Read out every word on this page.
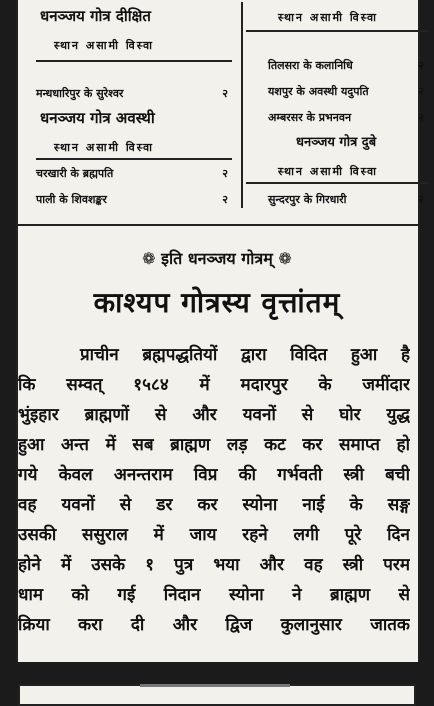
धनञ्जय गोत्र दीक्षित
स्थान असामी विस्वा
मन्धधारिपुर के सुरेश्वर	२
धनञ्जय गोत्र अवस्थी
स्थान असामी विस्वा
चरखारी के ब्रह्मपति	२
पाली के शिवशङ्कर	२
स्थान असामी विस्वा
तिलसरा के कलानिधि	२
यशपुर के अवस्थी यदुपति	२
अम्बरसर के प्रभनवन	२
धनञ्जय गोत्र दुबे
स्थान असामी विस्वा
सुन्दरपुर के गिरधारी	२
❁ इति धनञ्जय गोत्रम् ❁
काश्यप गोत्रस्य वृत्तांतम्
प्राचीन ब्रह्मपद्धतियों द्वारा विदित हुआ है
कि सम्वत् १५८४ में मदारपुर के जमींदार
भुंइहार ब्राह्मणों से और यवनों से घोर युद्ध
हुआ अन्त में सब ब्राह्मण लड़ कट कर समाप्त हो
गये केवल अनन्तराम विप्र की गर्भवती स्त्री बची
वह यवनों से डर कर स्योना नाई के सङ्ग
उसकी ससुराल में जाय रहने लगी पूरे दिन
होने में उसके १ पुत्र भया और वह स्त्री परम
धाम को गई निदान स्योना ने ब्राह्मण से
क्रिया करा दी और द्विज कुलानुसार जातक
